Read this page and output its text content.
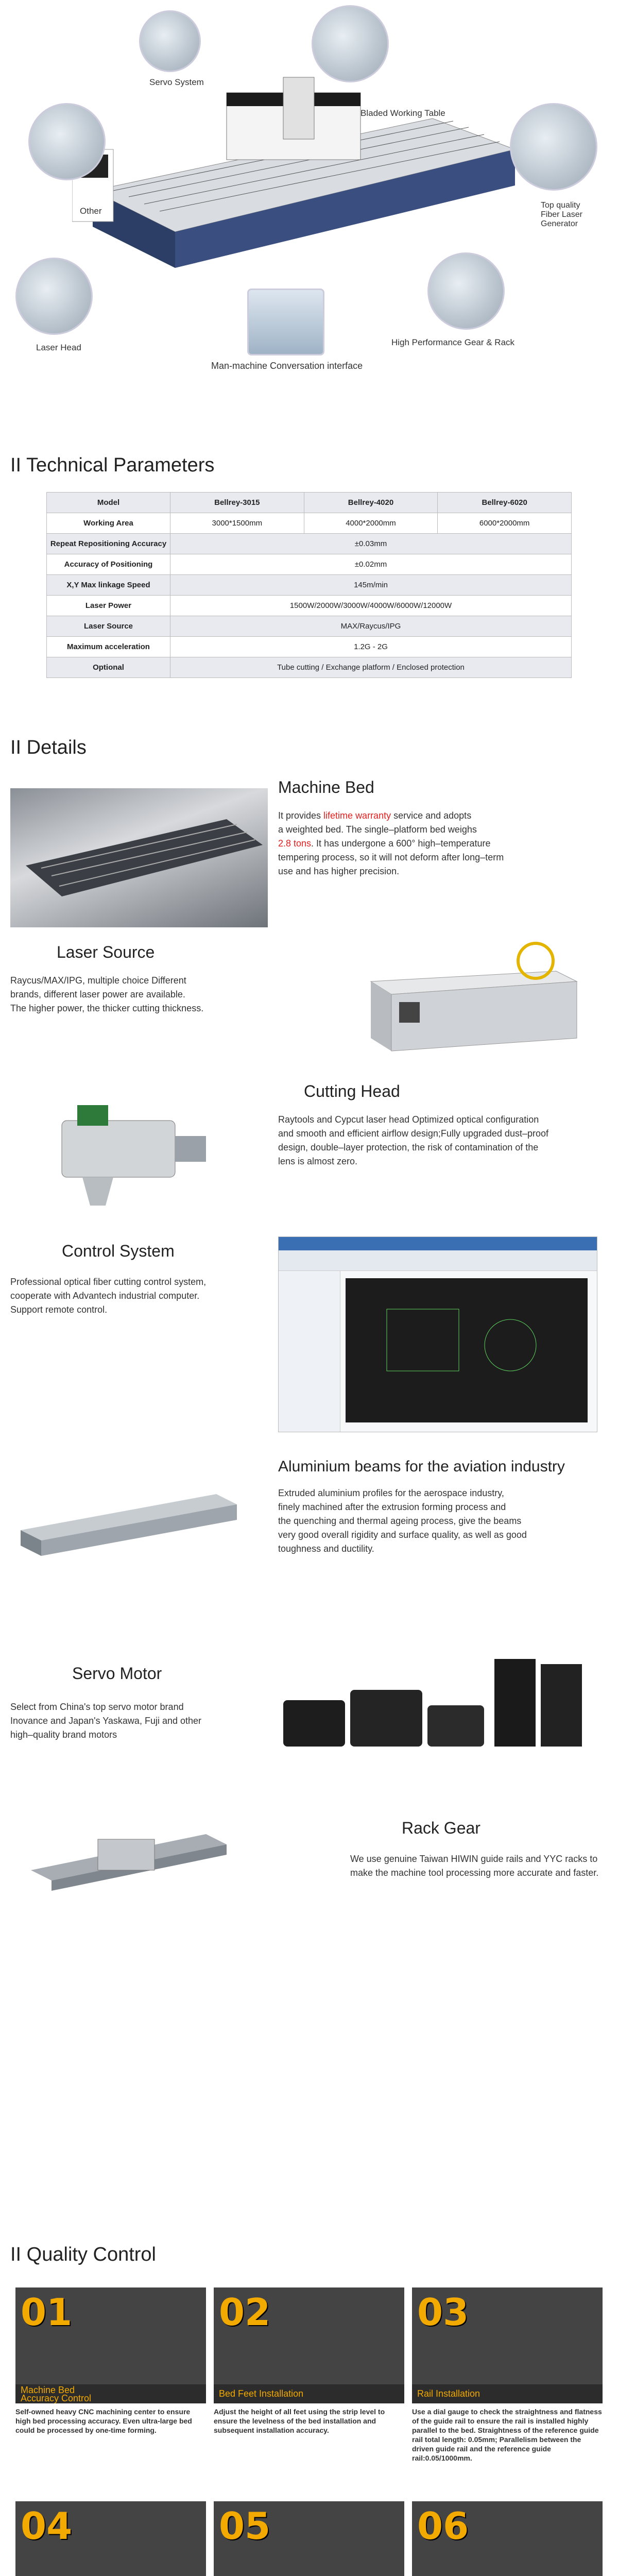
Servo System
Bladed Working Table
Other
Top quality
Fiber Laser
Generator
Laser Head
High Performance Gear & Rack
Man-machine Conversation interface
II Technical Parameters
Model	Bellrey-3015	Bellrey-4020	Bellrey-6020
Working Area	3000*1500mm	4000*2000mm	6000*2000mm
Repeat Repositioning Accuracy	±0.03mm		
Accuracy of Positioning	±0.02mm		
X,Y Max linkage Speed	145m/min		
Laser Power	1500W/2000W/3000W/4000W/6000W/12000W		
Laser Source	MAX/Raycus/IPG		
Maximum acceleration	1.2G - 2G		
Optional	Tube cutting / Exchange platform / Enclosed protection		
II Details
Machine Bed
It provides lifetime warranty service and adopts
a weighted bed. The single–platform bed weighs
2.8 tons. It has undergone a 600° high–temperature
tempering process, so it will not deform after long–term
use and has higher precision.
Laser Source
Raycus/MAX/IPG, multiple choice Different
brands, different laser power are available.
The higher power, the thicker cutting thickness.
Cutting Head
Raytools and Cypcut laser head Optimized optical configuration
and smooth and efficient airflow design;Fully upgraded dust–proof
design, double–layer protection, the risk of contamination of the
lens is almost zero.
Control System
Professional optical fiber cutting control system,
cooperate with Advantech industrial computer.
Support remote control.
Aluminium beams for the aviation industry
Extruded aluminium profiles for the aerospace industry,
finely machined after the extrusion forming process and
the quenching and thermal ageing process, give the beams
very good overall rigidity and surface quality, as well as good
toughness and ductility.
Servo Motor
Select from China's top servo motor brand
Inovance and Japan's Yaskawa, Fuji and other
high–quality brand motors
Rack Gear
We use genuine Taiwan HIWIN guide rails and YYC racks to
make the machine tool processing more accurate and faster.
II Quality Control
01
Machine Bed
Accuracy Control
Self-owned heavy CNC machining center to ensure high bed processing accuracy. Even ultra-large bed could be processed by one-time forming.
02
Bed Feet Installation
Adjust the height of all feet using the strip level to ensure the levelness of the bed installation and subsequent installation accuracy.
03
Rail Installation
Use a dial gauge to check the straightness and flatness of the guide rail to ensure the rail is installed highly parallel to the bed. Straightness of the reference guide rail total length: 0.05mm; Parallelism between the driven guide rail and the reference guide rail:0.05/1000mm.
04	05	06
